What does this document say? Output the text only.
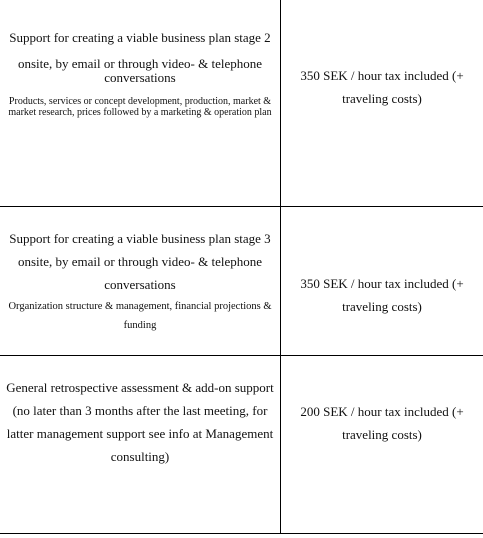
Support for creating a viable business plan stage 2

onsite, by email or through video- & telephone conversations

Products, services or concept development, production, market & market research, prices followed by a marketing & operation plan

350 SEK / hour tax included (+ traveling costs)

Support for creating a viable business plan stage 3

onsite, by email or through video- & telephone conversations

Organization structure & management, financial projections & funding

350 SEK / hour tax included (+ traveling costs)

General retrospective assessment & add-on support (no later than 3 months after the last meeting, for latter management support see info at Management consulting)

200 SEK / hour tax included (+ traveling costs)
